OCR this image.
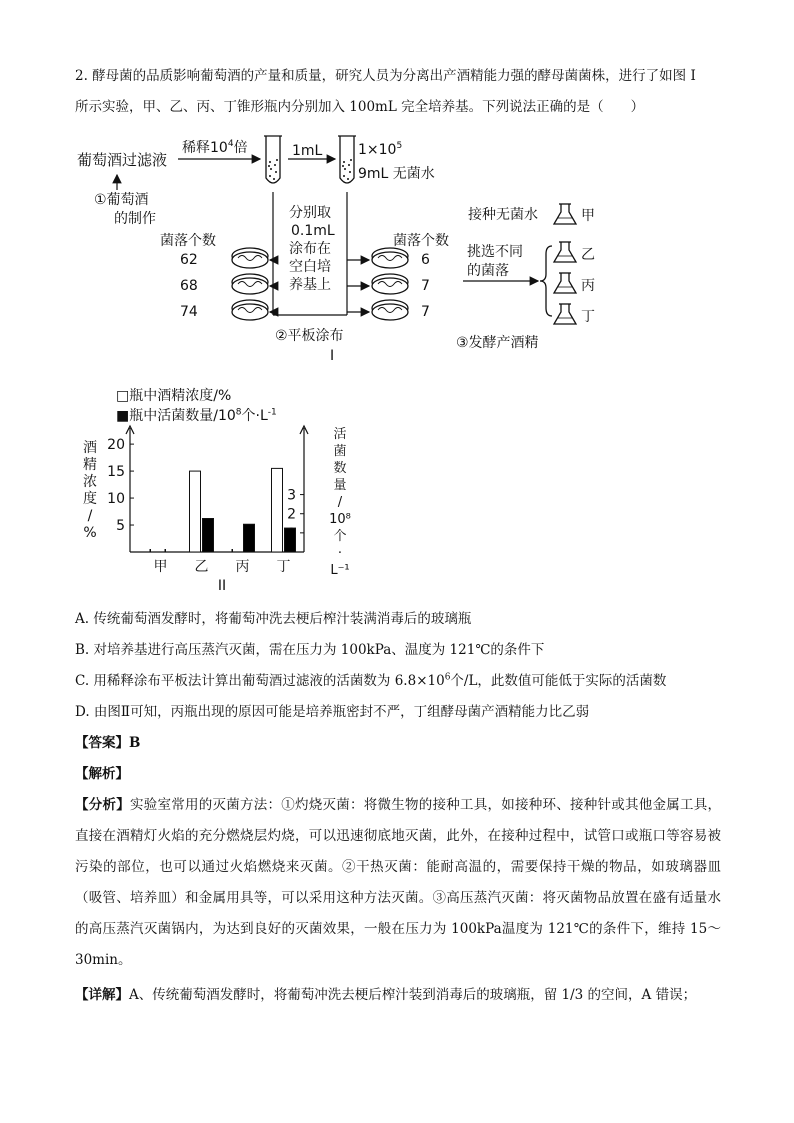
2. 酵母菌的品质影响葡萄酒的产量和质量，研究人员为分离出产酒精能力强的酵母菌菌株，进行了如图 I
所示实验，甲、乙、丙、丁锥形瓶内分别加入 100mL 完全培养基。下列说法正确的是（　　）
葡萄酒过滤液
稀释$10^4$倍	1mL	$1\times 10^5$
9mL 无菌水
①葡萄酒
的制作	分别取
0.1mL
涂布在
空白培
养基上
菌落个数
62
68
74
菌落个数
6
7
7
②平板涂布
I
接种无菌水	甲
挑选不同
的菌落
乙
丙
丁
③发酵产酒精
□瓶中酒精浓度/%
■瓶中活菌数量$/10^8$个$\cdot L^{-1}$
5
10
15
20
2
3
酒
精
浓
度
/
%
活
菌
数
量
/
10⁸
个
·
L⁻¹
甲 乙 丙 丁
II
A. 传统葡萄酒发酵时，将葡萄冲洗去梗后榨汁装满消毒后的玻璃瓶
B. 对培养基进行高压蒸汽灭菌，需在压力为 100kPa、温度为 121℃的条件下
C. 用稀释涂布平板法计算出葡萄酒过滤液的活菌数为 $6.8\times 10^6$个/L，此数值可能低于实际的活菌数
D. 由图Ⅱ可知，丙瓶出现的原因可能是培养瓶密封不严，丁组酵母菌产酒精能力比乙弱
【答案】B
【解析】
【分析】实验室常用的灭菌方法：①灼烧灭菌：将微生物的接种工具，如接种环、接种针或其他金属工具，直接在酒精灯火焰的充分燃烧层灼烧，可以迅速彻底地灭菌，此外，在接种过程中，试管口或瓶口等容易被污染的部位，也可以通过火焰燃烧来灭菌。②干热灭菌：能耐高温的，需要保持干燥的物品，如玻璃器皿（吸管、培养皿）和金属用具等，可以采用这种方法灭菌。③高压蒸汽灭菌：将灭菌物品放置在盛有适量水的高压蒸汽灭菌锅内，为达到良好的灭菌效果，一般在压力为 100kPa温度为 121℃的条件下，维持 15～30min。
【详解】A、传统葡萄酒发酵时，将葡萄冲洗去梗后榨汁装到消毒后的玻璃瓶，留 1/3 的空间，A 错误；
